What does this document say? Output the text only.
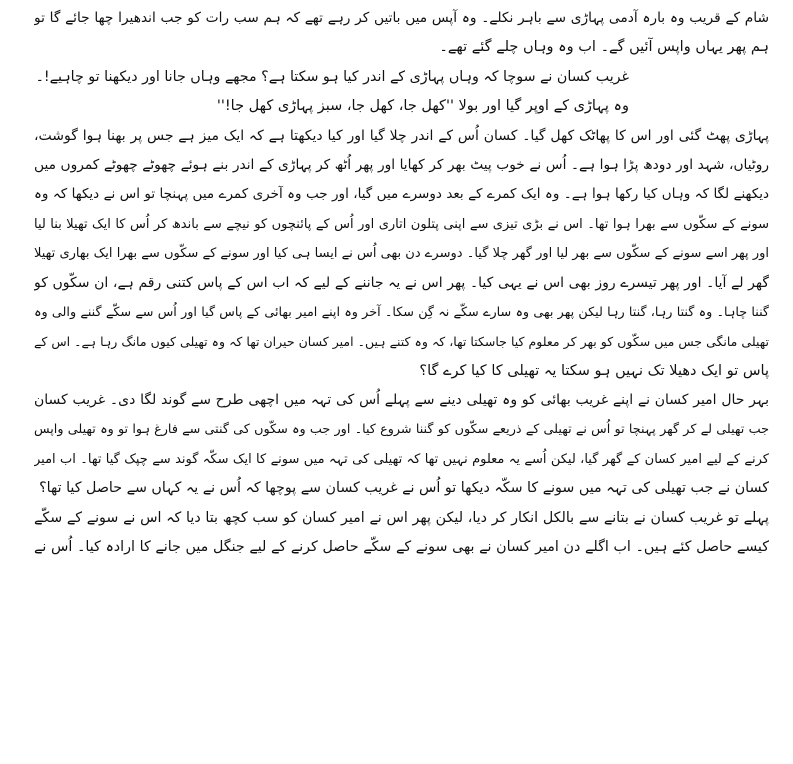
شام کے قریب وہ بارہ آدمی پہاڑی سے باہر نکلے۔ وہ آپس میں باتیں کر رہے تھے کہ ہم سب رات کو جب اندھیرا چھا جائے گا تو
ہم پھر یہاں واپس آئیں گے۔ اب وہ وہاں چلے گئے تھے۔
غریب کسان نے سوچا کہ وہاں پہاڑی کے اندر کیا ہو سکتا ہے؟ مجھے وہاں جانا اور دیکھنا تو چاہیے!۔
وہ پہاڑی کے اوپر گیا اور بولا ''کھل جا، کھل جا، سبز پہاڑی کھل جا!''
پہاڑی پھٹ گئی اور اس کا پھاٹک کھل گیا۔ کسان اُس کے اندر چلا گیا اور کیا دیکھتا ہے کہ ایک میز ہے جس پر بھنا ہوا گوشت،
روٹیاں، شہد اور دودھ پڑا ہوا ہے۔ اُس نے خوب پیٹ بھر کر کھایا اور پھر اُٹھ کر پہاڑی کے اندر بنے ہوئے چھوٹے چھوٹے کمروں میں
دیکھنے لگا کہ وہاں کیا رکھا ہوا ہے۔ وہ ایک کمرے کے بعد دوسرے میں گیا، اور جب وہ آخری کمرے میں پہنچا تو اس نے دیکھا کہ وہ
سونے کے سکّوں سے بھرا ہوا تھا۔ اس نے بڑی تیزی سے اپنی پتلون اتاری اور اُس کے پائنچوں کو نیچے سے باندھ کر اُس کا ایک تھیلا بنا لیا
اور پھر اسے سونے کے سکّوں سے بھر لیا اور گھر چلا گیا۔ دوسرے دن بھی اُس نے ایسا ہی کیا اور سونے کے سکّوں سے بھرا ایک بھاری تھیلا
گھر لے آیا۔ اور پھر تیسرے روز بھی اس نے یہی کیا۔ پھر اس نے یہ جاننے کے لیے کہ اب اس کے پاس کتنی رقم ہے، ان سکّوں کو
گننا چاہا۔ وہ گنتا رہا، گنتا رہا لیکن پھر بھی وہ سارے سکّے نہ گِن سکا۔ آخر وہ اپنے امیر بھائی کے پاس گیا اور اُس سے سکّے گننے والی وہ
تھیلی مانگی جس میں سکّوں کو بھر کر معلوم کیا جاسکتا تھا، کہ وہ کتنے ہیں۔ امیر کسان حیران تھا کہ وہ تھیلی کیوں مانگ رہا ہے۔ اس کے
پاس تو ایک دھیلا تک نہیں ہو سکتا یہ تھیلی کا کیا کرے گا؟
بہر حال امیر کسان نے اپنے غریب بھائی کو وہ تھیلی دینے سے پہلے اُس کی تہہ میں اچھی طرح سے گوند لگا دی۔ غریب کسان
جب تھیلی لے کر گھر پہنچا تو اُس نے تھیلی کے ذریعے سکّوں کو گننا شروع کیا۔ اور جب وہ سکّوں کی گنتی سے فارغ ہوا تو وہ تھیلی واپس
کرنے کے لیے امیر کسان کے گھر گیا، لیکن اُسے یہ معلوم نہیں تھا کہ تھیلی کی تہہ میں سونے کا ایک سکّہ گوند سے چپک گیا تھا۔ اب امیر
کسان نے جب تھیلی کی تہہ میں سونے کا سکّہ دیکھا تو اُس نے غریب کسان سے پوچھا کہ اُس نے یہ کہاں سے حاصل کیا تھا؟
پہلے تو غریب کسان نے بتانے سے بالکل انکار کر دیا، لیکن پھر اس نے امیر کسان کو سب کچھ بتا دیا کہ اس نے سونے کے سکّے
کیسے حاصل کئے ہیں۔ اب اگلے دن امیر کسان نے بھی سونے کے سکّے حاصل کرنے کے لیے جنگل میں جانے کا ارادہ کیا۔ اُس نے
